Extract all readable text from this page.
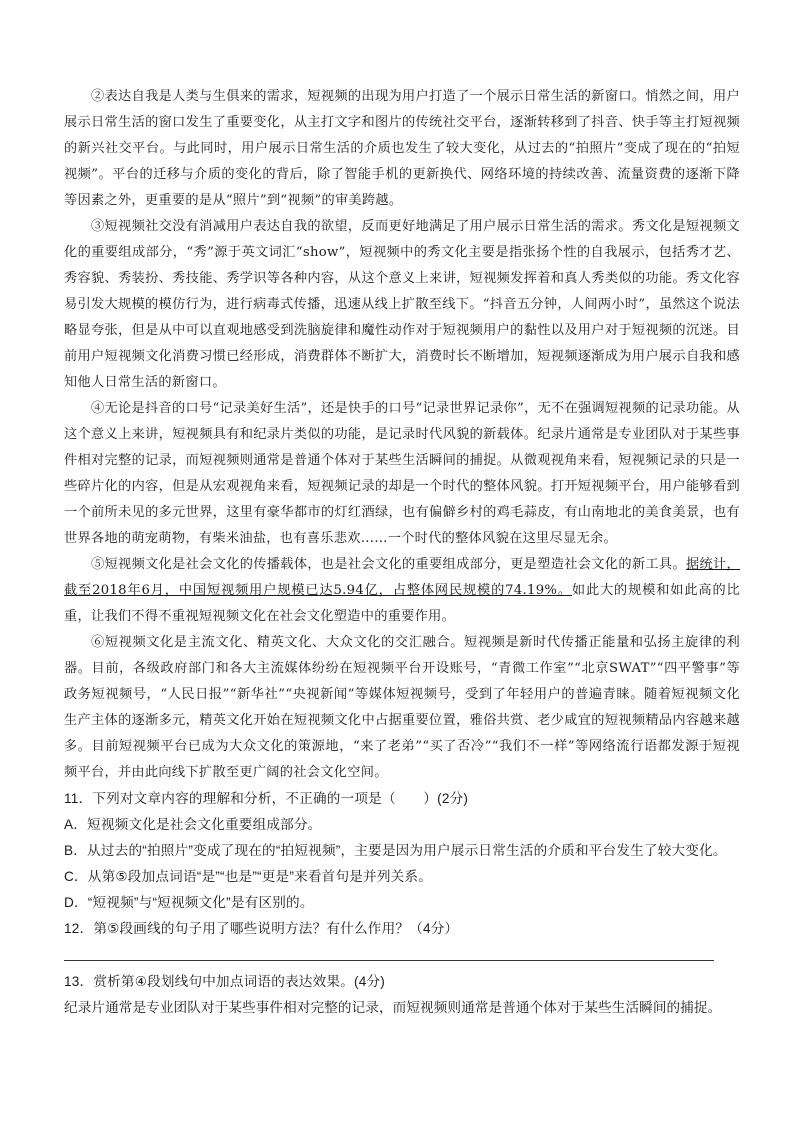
②表达自我是人类与生俱来的需求，短视频的出现为用户打造了一个展示日常生活的新窗口。悄然之间，用户展示日常生活的窗口发生了重要变化，从主打文字和图片的传统社交平台，逐渐转移到了抖音、快手等主打短视频的新兴社交平台。与此同时，用户展示日常生活的介质也发生了较大变化，从过去的“拍照片”变成了现在的“拍短视频”。平台的迁移与介质的变化的背后，除了智能手机的更新换代、网络环境的持续改善、流量资费的逐渐下降等因素之外，更重要的是从“照片”到“视频”的审美跨越。

③短视频社交没有消减用户表达自我的欲望，反而更好地满足了用户展示日常生活的需求。秀文化是短视频文化的重要组成部分，“秀”源于英文词汇“show”，短视频中的秀文化主要是指张扬个性的自我展示，包括秀才艺、秀容貌、秀装扮、秀技能、秀学识等各种内容，从这个意义上来讲，短视频发挥着和真人秀类似的功能。秀文化容易引发大规模的模仿行为，进行病毒式传播，迅速从线上扩散至线下。“抖音五分钟，人间两小时”，虽然这个说法略显夸张，但是从中可以直观地感受到洗脑旋律和魔性动作对于短视频用户的黏性以及用户对于短视频的沉迷。目前用户短视频文化消费习惯已经形成，消费群体不断扩大，消费时长不断增加，短视频逐渐成为用户展示自我和感知他人日常生活的新窗口。

④无论是抖音的口号“记录美好生活”，还是快手的口号“记录世界记录你”，无不在强调短视频的记录功能。从这个意义上来讲，短视频具有和纪录片类似的功能，是记录时代风貌的新载体。纪录片通常是专业团队对于某些事件相对完整的记录，而短视频则通常是普通个体对于某些生活瞬间的捕捉。从微观视角来看，短视频记录的只是一些碎片化的内容，但是从宏观视角来看，短视频记录的却是一个时代的整体风貌。打开短视频平台，用户能够看到一个前所未见的多元世界，这里有豪华都市的灯红酒绿，也有偏僻乡村的鸡毛蒜皮，有山南地北的美食美景，也有世界各地的萌宠萌物，有柴米油盐，也有喜乐悲欢……一个时代的整体风貌在这里尽显无余。

⑤短视频文化是社会文化的传播载体，也是社会文化的重要组成部分，更是塑造社会文化的新工具。据统计，截至2018年6月，中国短视频用户规模已达5.94亿，占整体网民规模的74.19%。如此大的规模和如此高的比重，让我们不得不重视短视频文化在社会文化塑造中的重要作用。

⑥短视频文化是主流文化、精英文化、大众文化的交汇融合。短视频是新时代传播正能量和弘扬主旋律的利器。目前，各级政府部门和各大主流媒体纷纷在短视频平台开设账号，“青微工作室”“北京SWAT”“四平警事”等政务短视频号，“人民日报”“新华社”“央视新闻”等媒体短视频号，受到了年轻用户的普遍青睐。随着短视频文化生产主体的逐渐多元，精英文化开始在短视频文化中占据重要位置，雅俗共赏、老少咸宜的短视频精品内容越来越多。目前短视频平台已成为大众文化的策源地，“来了老弟”“买了否冷”“我们不一样”等网络流行语都发源于短视频平台，并由此向线下扩散至更广阔的社会文化空间。

11．下列对文章内容的理解和分析，不正确的一项是（　　）(2分)

A．短视频文化是社会文化重要组成部分。

B．从过去的“拍照片”变成了现在的“拍短视频”，主要是因为用户展示日常生活的介质和平台发生了较大变化。

C．从第⑤段加点词语“是”“也是”“更是”来看首句是并列关系。

D．“短视频”与“短视频文化”是有区别的。

12．第⑤段画线的句子用了哪些说明方法？有什么作用？（4分）

13．赏析第④段划线句中加点词语的表达效果。(4分)

纪录片通常是专业团队对于某些事件相对完整的记录，而短视频则通常是普通个体对于某些生活瞬间的捕捉。
